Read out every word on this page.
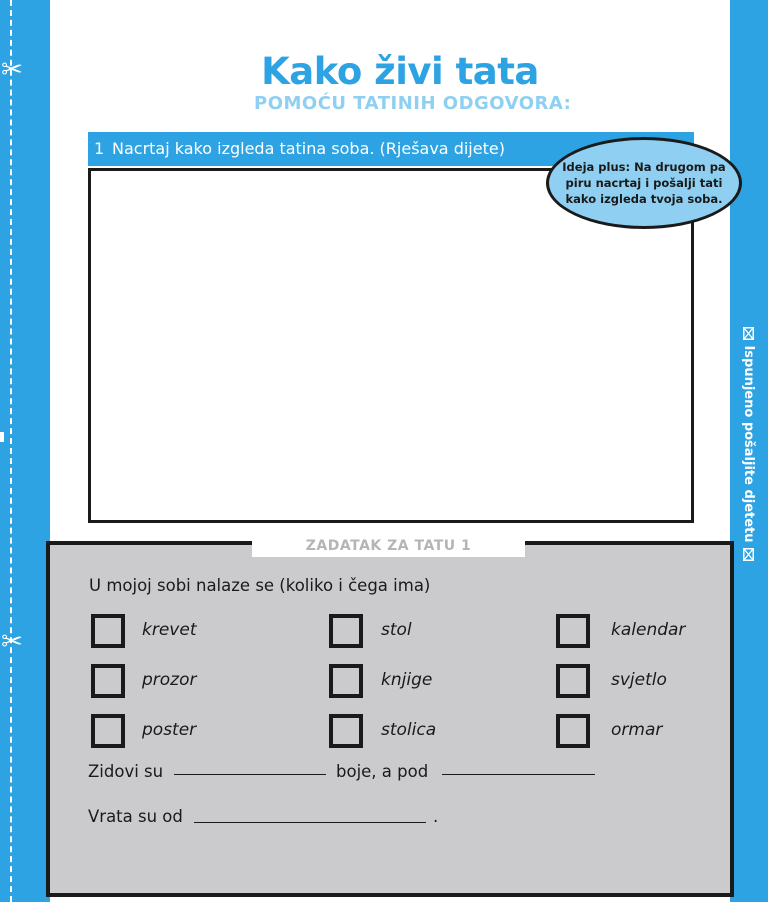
✂
✂
Ispunjeno pošaljite djetetu
Kako živi tata
POMOĆU TATINIH ODGOVORA:
1 Nacrtaj kako izgleda tatina soba. (Rješava dijete)
Ideja plus: Na drugom pa
piru nacrtaj i pošalji tati
kako izgleda tvoja soba.
ZADATAK ZA TATU 1
U mojoj sobi nalaze se (koliko i čega ima)
krevet	stol	kalendar
prozor	knjige	svjetlo
poster	stolica	ormar
Zidovi su	boje, a pod
Vrata su od	.
